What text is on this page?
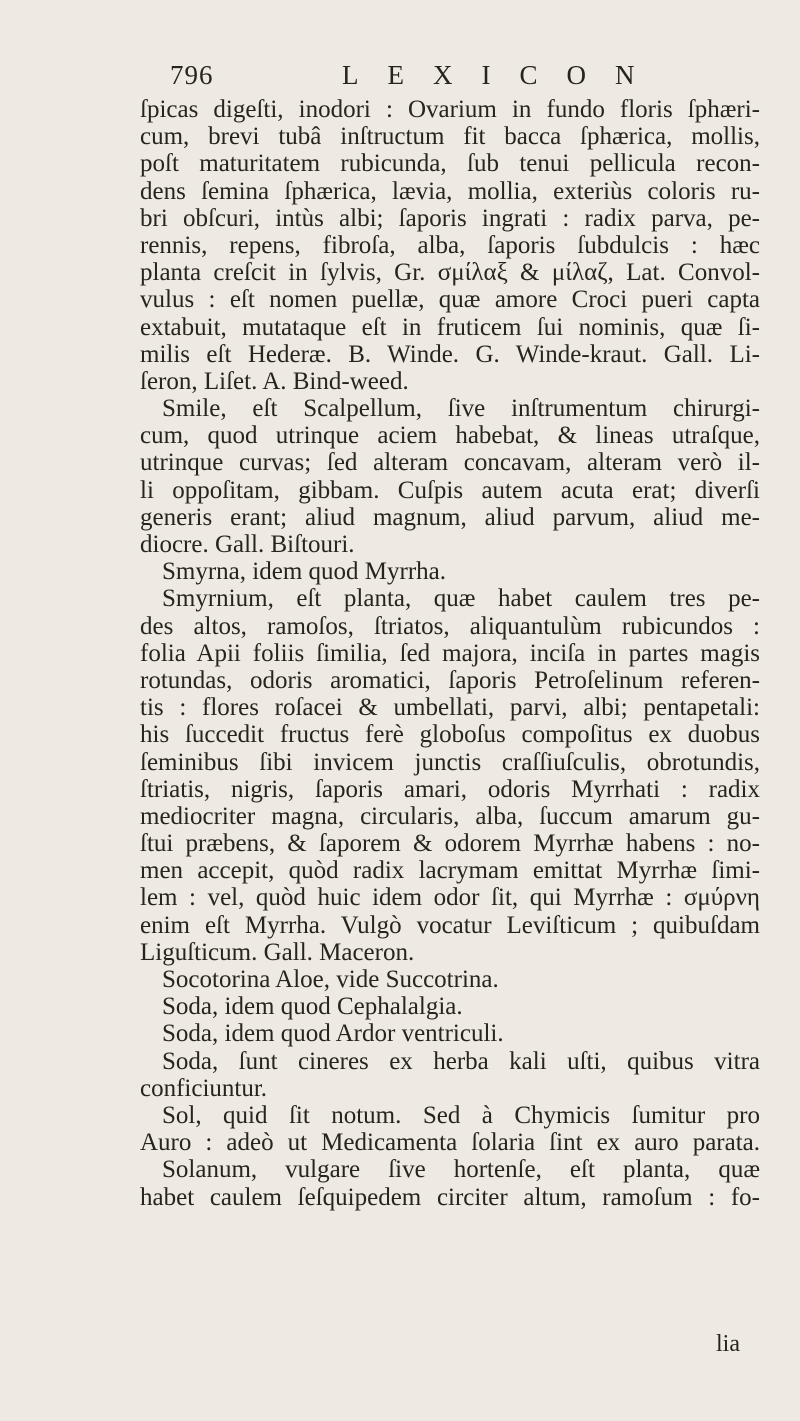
796	LEXICON
ſpicas digeſti, inodori : Ovarium in fundo floris ſphæri-
cum, brevi tubâ inſtructum fit bacca ſphærica, mollis,
poſt maturitatem rubicunda, ſub tenui pellicula recon-
dens ſemina ſphærica, lævia, mollia, exteriùs coloris ru-
bri obſcuri, intùs albi; ſaporis ingrati : radix parva, pe-
rennis, repens, fibroſa, alba, ſaporis ſubdulcis : hæc
planta creſcit in ſylvis, Gr. σμίλαξ & μίλαζ, Lat. Convol-
vulus : eſt nomen puellæ, quæ amore Croci pueri capta
extabuit, mutataque eſt in fruticem ſui nominis, quæ ſi-
milis eſt Hederæ. B. Winde. G. Winde-kraut. Gall. Li-
ſeron, Liſet. A. Bind-weed.
Smile, eſt Scalpellum, ſive inſtrumentum chirurgi-
cum, quod utrinque aciem habebat, & lineas utraſque,
utrinque curvas; ſed alteram concavam, alteram verò il-
li oppoſitam, gibbam. Cuſpis autem acuta erat; diverſi
generis erant; aliud magnum, aliud parvum, aliud me-
diocre. Gall. Biſtouri.
Smyrna, idem quod Myrrha.
Smyrnium, eſt planta, quæ habet caulem tres pe-
des altos, ramoſos, ſtriatos, aliquantulùm rubicundos :
folia Apii foliis ſimilia, ſed majora, inciſa in partes magis
rotundas, odoris aromatici, ſaporis Petroſelinum referen-
tis : flores roſacei & umbellati, parvi, albi; pentapetali:
his ſuccedit fructus ferè globoſus compoſitus ex duobus
ſeminibus ſibi invicem junctis craſſiuſculis, obrotundis,
ſtriatis, nigris, ſaporis amari, odoris Myrrhati : radix
mediocriter magna, circularis, alba, ſuccum amarum gu-
ſtui præbens, & ſaporem & odorem Myrrhæ habens : no-
men accepit, quòd radix lacrymam emittat Myrrhæ ſimi-
lem : vel, quòd huic idem odor ſit, qui Myrrhæ : σμύρνη
enim eſt Myrrha. Vulgò vocatur Leviſticum ; quibuſdam
Liguſticum. Gall. Maceron.
Socotorina Aloe, vide Succotrina.
Soda, idem quod Cephalalgia.
Soda, idem quod Ardor ventriculi.
Soda, ſunt cineres ex herba kali uſti, quibus vitra
conficiuntur.
Sol, quid ſit notum. Sed à Chymicis ſumitur pro
Auro : adeò ut Medicamenta ſolaria ſint ex auro parata.
Solanum, vulgare ſive hortenſe, eſt planta, quæ
habet caulem ſeſquipedem circiter altum, ramoſum : fo-
lia
